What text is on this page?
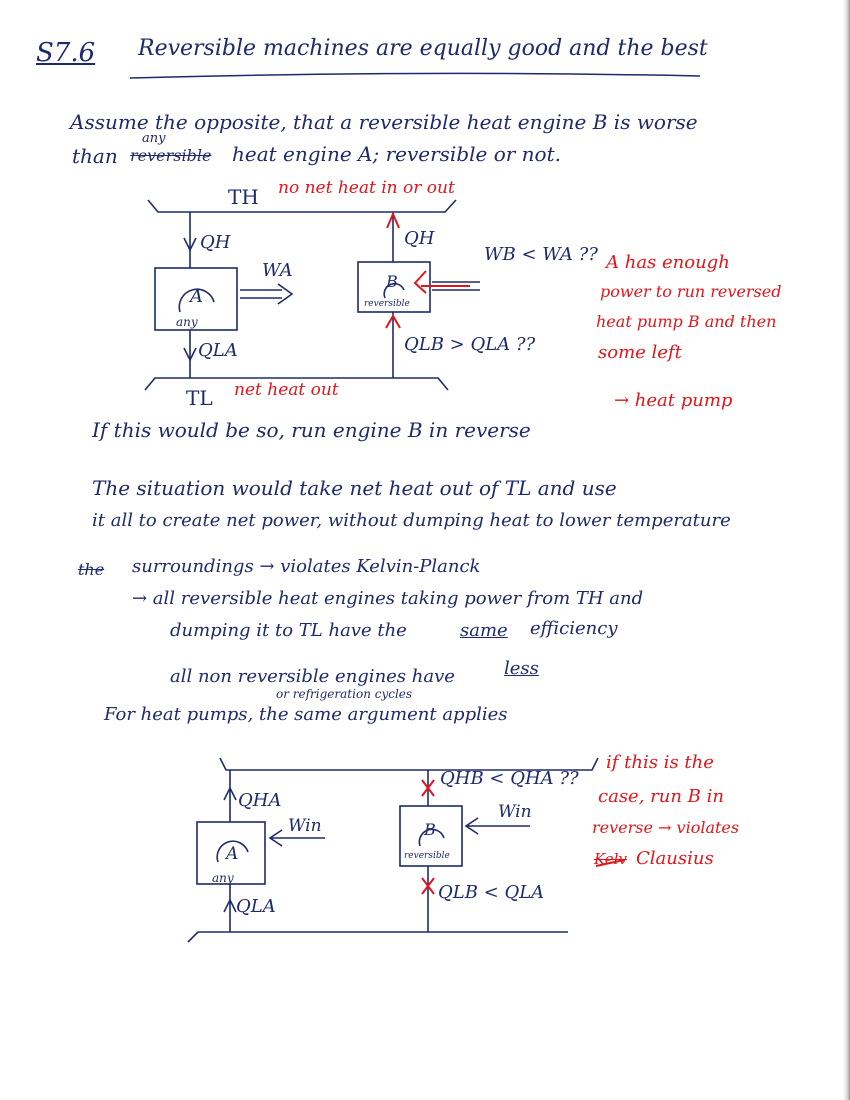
S7.6 Reversible machines are equally good and the best
Assume the opposite, that a reversible heat engine B is worse
than
any
reversible heat engine A; reversible or not.
TH no net heat in or out
QH
WA
A
any
QLA
QH
B
reversible
WB < WA ??
QLB > QLA ??
A has enough
power to run reversed
heat pump B and then
some left
TL net heat out
If this would be so, run engine B in reverse
→ heat pump
The situation would take net heat out of TL and use
it all to create net power, without dumping heat to lower temperature
the surroundings → violates Kelvin-Planck
→ all reversible heat engines taking power from TH and
dumping it to TL have the	same efficiency
all non reversible engines have	less
or refrigeration cycles
For heat pumps, the same argument applies
QHA
Win
A
any
QLA
QHB < QHA ??
Win
B
reversible
QLB < QLA
if this is the
case, run B in
reverse → violates
Kelv Clausius
